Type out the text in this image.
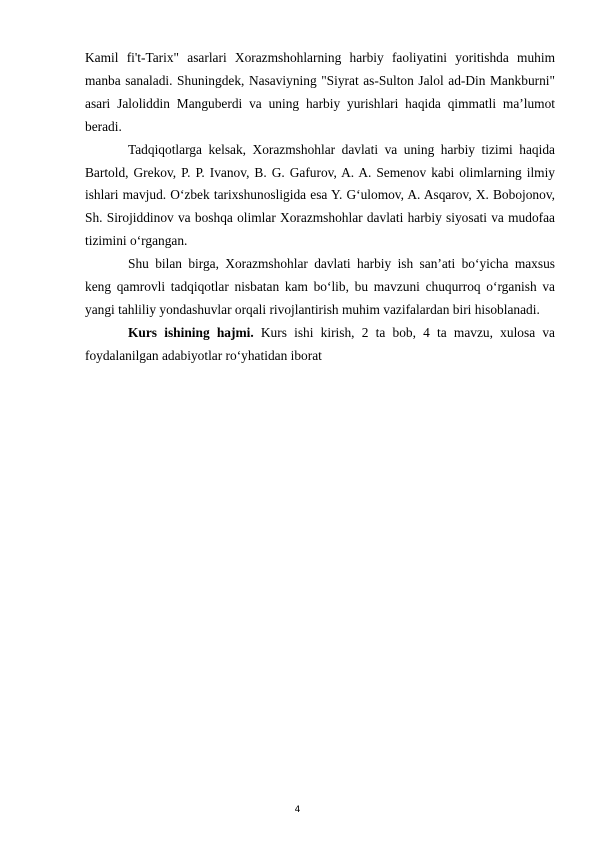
Kamil fi't-Tarix" asarlari Xorazmshohlarning harbiy faoliyatini yoritishda muhim manba sanaladi. Shuningdek, Nasaviyning "Siyrat as-Sulton Jalol ad-Din Mankburni" asari Jaloliddin Manguberdi va uning harbiy yurishlari haqida qimmatli ma’lumot beradi.

Tadqiqotlarga kelsak, Xorazmshohlar davlati va uning harbiy tizimi haqida Bartold, Grekov, P. P. Ivanov, B. G. Gafurov, A. A. Semenov kabi olimlarning ilmiy ishlari mavjud. O‘zbek tarixshunosligida esa Y. G‘ulomov, A. Asqarov, X. Bobojonov, Sh. Sirojiddinov va boshqa olimlar Xorazmshohlar davlati harbiy siyosati va mudofaa tizimini o‘rgangan.

Shu bilan birga, Xorazmshohlar davlati harbiy ish san’ati bo‘yicha maxsus keng qamrovli tadqiqotlar nisbatan kam bo‘lib, bu mavzuni chuqurroq o‘rganish va yangi tahliliy yondashuvlar orqali rivojlantirish muhim vazifalardan biri hisoblanadi.

Kurs ishining hajmi. Kurs ishi kirish, 2 ta bob, 4 ta mavzu, xulosa va foydalanilgan adabiyotlar ro‘yhatidan iborat

4
